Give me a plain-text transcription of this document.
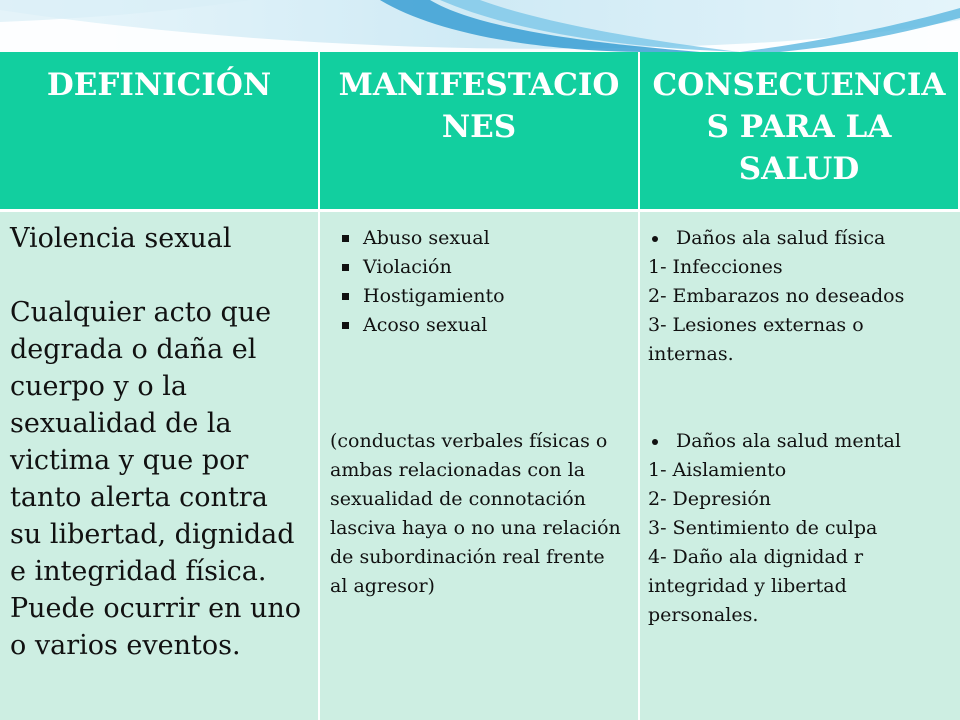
DEFINICIÓN	MANIFESTACIO
NES
CONSECUENCIA
S PARA LA
SALUD

Violencia sexual

Cualquier acto que degrada o daña el cuerpo y o la sexualidad de la victima y que por tanto alerta contra su libertad, dignidad e integridad física. Puede ocurrir en uno o varios eventos.

Abuso sexual
Violación
Hostigamiento
Acoso sexual
(conductas verbales físicas o ambas relacionadas con la sexualidad de connotación lasciva haya o no una relación de subordinación real frente al agresor)
Daños ala salud física
1- Infecciones
2- Embarazos no deseados
3- Lesiones externas o internas.
Daños ala salud mental
1- Aislamiento
2- Depresión
3- Sentimiento de culpa
4- Daño ala dignidad r integridad y libertad personales.
